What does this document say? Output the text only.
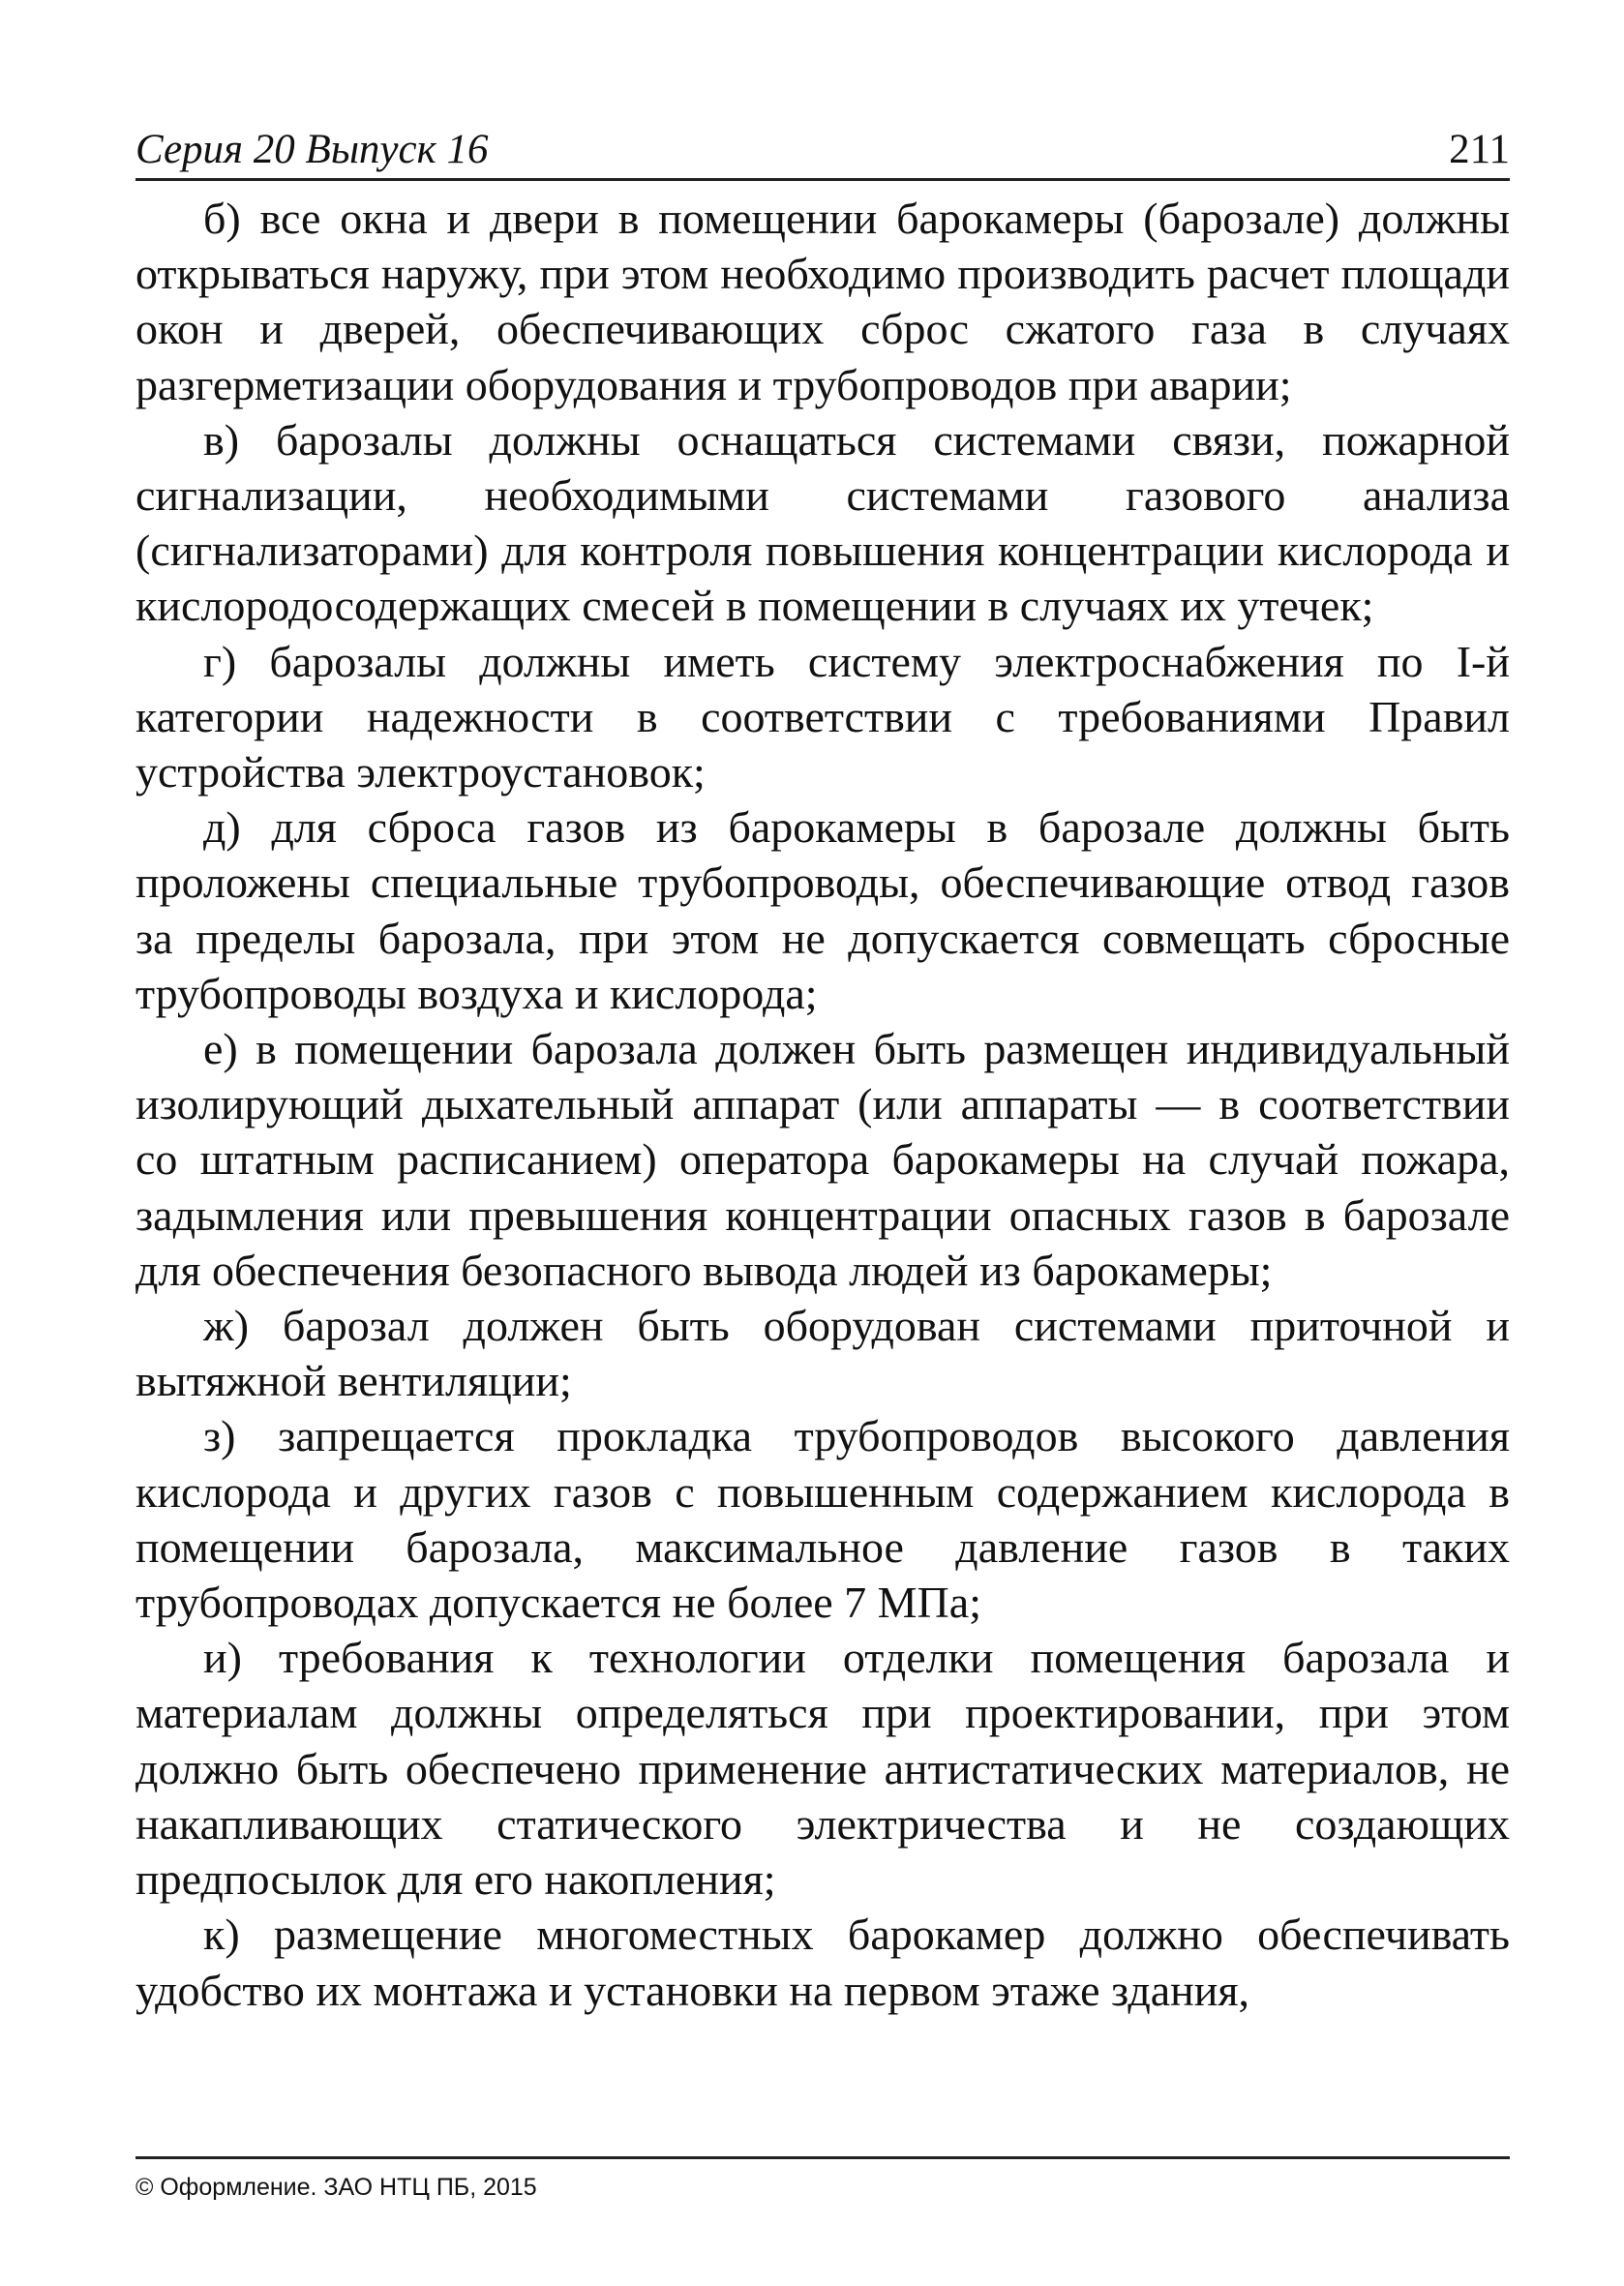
Серия 20 Выпуск 16	211

б) все окна и двери в помещении барокамеры (барозале) должны открываться наружу, при этом необходимо производить расчет площади окон и дверей, обеспечивающих сброс сжатого газа в случаях разгерметизации оборудования и трубопроводов при аварии;

в) барозалы должны оснащаться системами связи, пожарной сигнализации, необходимыми системами газового анализа (сигнализаторами) для контроля повышения концентрации кислорода и кислородосодержащих смесей в помещении в случаях их утечек;

г) барозалы должны иметь систему электроснабжения по I-й категории надежности в соответствии с требованиями Правил устройства электроустановок;

д) для сброса газов из барокамеры в барозале должны быть проложены специальные трубопроводы, обеспечивающие отвод газов за пределы барозала, при этом не допускается совмещать сбросные трубопроводы воздуха и кислорода;

е) в помещении барозала должен быть размещен индивидуальный изолирующий дыхательный аппарат (или аппараты — в соответствии со штатным расписанием) оператора барокамеры на случай пожара, задымления или превышения концентрации опасных газов в барозале для обеспечения безопасного вывода людей из барокамеры;

ж) барозал должен быть оборудован системами приточной и вытяжной вентиляции;

з) запрещается прокладка трубопроводов высокого давления кислорода и других газов с повышенным содержанием кислорода в помещении барозала, максимальное давление газов в таких трубопроводах допускается не более 7 МПа;

и) требования к технологии отделки помещения барозала и материалам должны определяться при проектировании, при этом должно быть обеспечено применение антистатических материалов, не накапливающих статического электричества и не создающих предпосылок для его накопления;

к) размещение многоместных барокамер должно обеспечивать удобство их монтажа и установки на первом этаже здания,

© Оформление. ЗАО НТЦ ПБ, 2015
